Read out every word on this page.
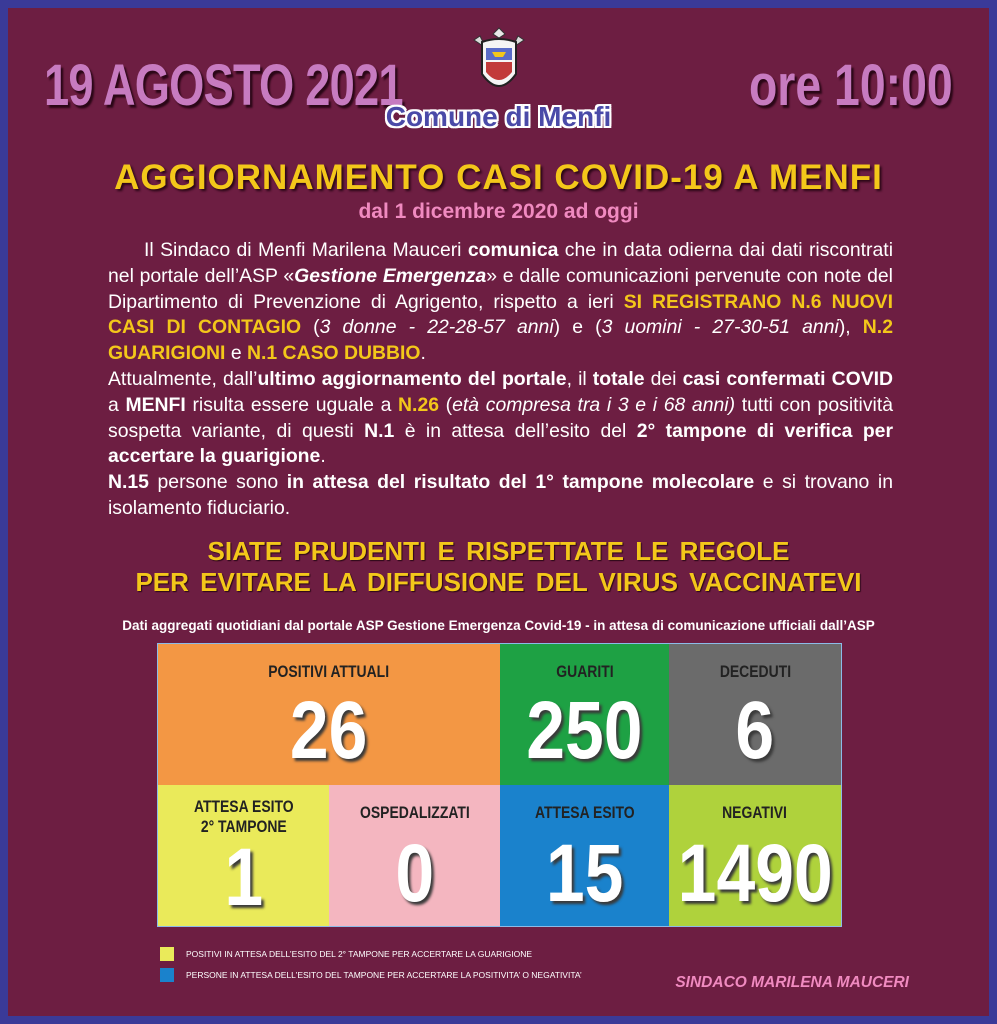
19 AGOSTO 2021	ore 10:00
Comune di Menfi
AGGIORNAMENTO CASI COVID-19 A MENFI
dal 1 dicembre 2020 ad oggi

Il Sindaco di Menfi Marilena Mauceri comunica che in data odierna dai dati riscontrati nel portale dell’ASP «Gestione Emergenza» e dalle comunicazioni pervenute con note del Dipartimento di Prevenzione di Agrigento, rispetto a ieri SI REGISTRANO N.6 NUOVI CASI DI CONTAGIO (3 donne - 22-28-57 anni) e (3 uomini - 27-30-51 anni), N.2 GUARIGIONI e N.1 CASO DUBBIO.

Attualmente, dall’ultimo aggiornamento del portale, il totale dei casi confermati COVID a MENFI risulta essere uguale a N.26 (età compresa tra i 3 e i 68 anni) tutti con positività sospetta variante, di questi N.1 è in attesa dell’esito del 2° tampone di verifica per accertare la guarigione.

N.15 persone sono in attesa del risultato del 1° tampone molecolare e si trovano in isolamento fiduciario.

SIATE PRUDENTI E RISPETTATE LE REGOLE
PER EVITARE LA DIFFUSIONE DEL VIRUS VACCINATEVI
Dati aggregati quotidiani dal portale ASP Gestione Emergenza Covid-19 - in attesa di comunicazione ufficiali dall’ASP
POSITIVI ATTUALI
26
GUARITI
250
DECEDUTI
6
ATTESA ESITO
2° TAMPONE
1
OSPEDALIZZATI
0
ATTESA ESITO
15
NEGATIVI
1490
POSITIVI IN ATTESA DELL’ESITO DEL 2° TAMPONE PER ACCERTARE LA GUARIGIONE
PERSONE IN ATTESA DELL’ESITO DEL TAMPONE PER ACCERTARE LA POSITIVITA’ O NEGATIVITA’	SINDACO MARILENA MAUCERI
